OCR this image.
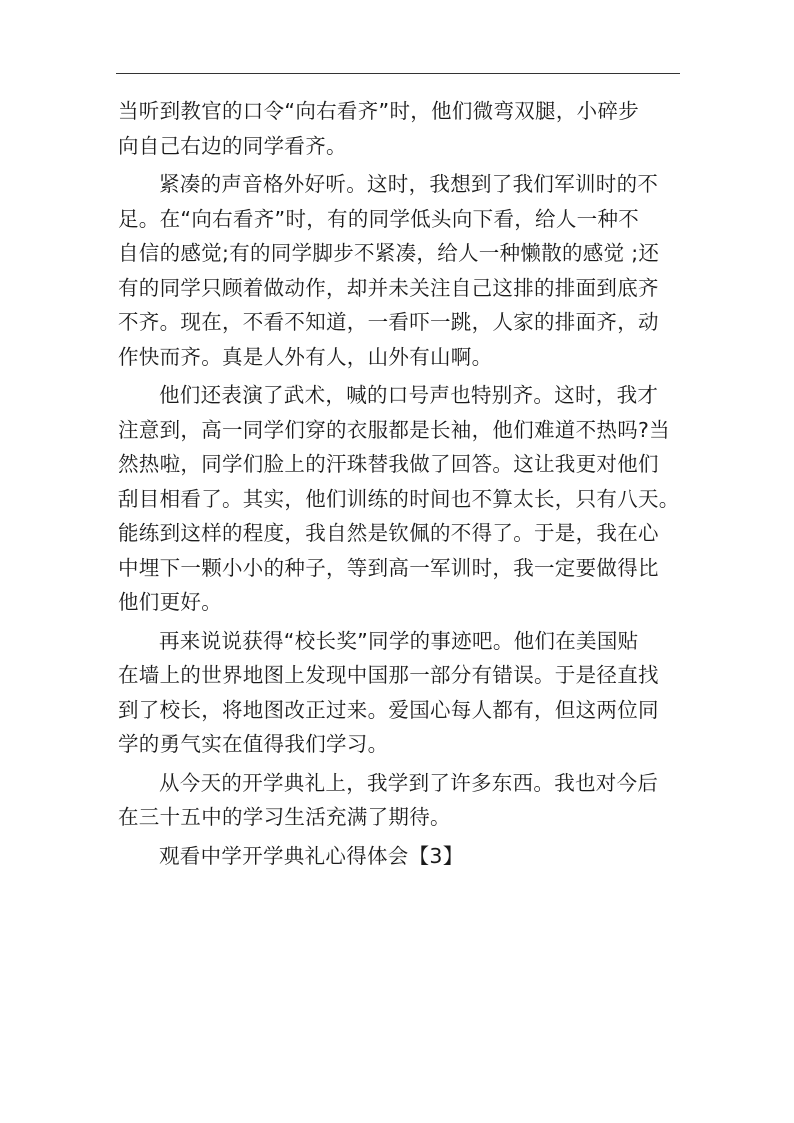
当听到教官的口令“向右看齐”时，他们微弯双腿，小碎步
向自己右边的同学看齐。

紧凑的声音格外好听。这时，我想到了我们军训时的不
足。在“向右看齐”时，有的同学低头向下看，给人一种不
自信的感觉;有的同学脚步不紧凑，给人一种懒散的感觉 ;还
有的同学只顾着做动作，却并未关注自己这排的排面到底齐
不齐。现在，不看不知道，一看吓一跳，人家的排面齐，动
作快而齐。真是人外有人，山外有山啊。

他们还表演了武术，喊的口号声也特别齐。这时，我才
注意到，高一同学们穿的衣服都是长袖，他们难道不热吗?当
然热啦，同学们脸上的汗珠替我做了回答。这让我更对他们
刮目相看了。其实，他们训练的时间也不算太长，只有八天。
能练到这样的程度，我自然是钦佩的不得了。于是，我在心
中埋下一颗小小的种子，等到高一军训时，我一定要做得比
他们更好。

再来说说获得“校长奖”同学的事迹吧。他们在美国贴
在墙上的世界地图上发现中国那一部分有错误。于是径直找
到了校长，将地图改正过来。爱国心每人都有，但这两位同
学的勇气实在值得我们学习。

从今天的开学典礼上，我学到了许多东西。我也对今后
在三十五中的学习生活充满了期待。

观看中学开学典礼心得体会【3】
